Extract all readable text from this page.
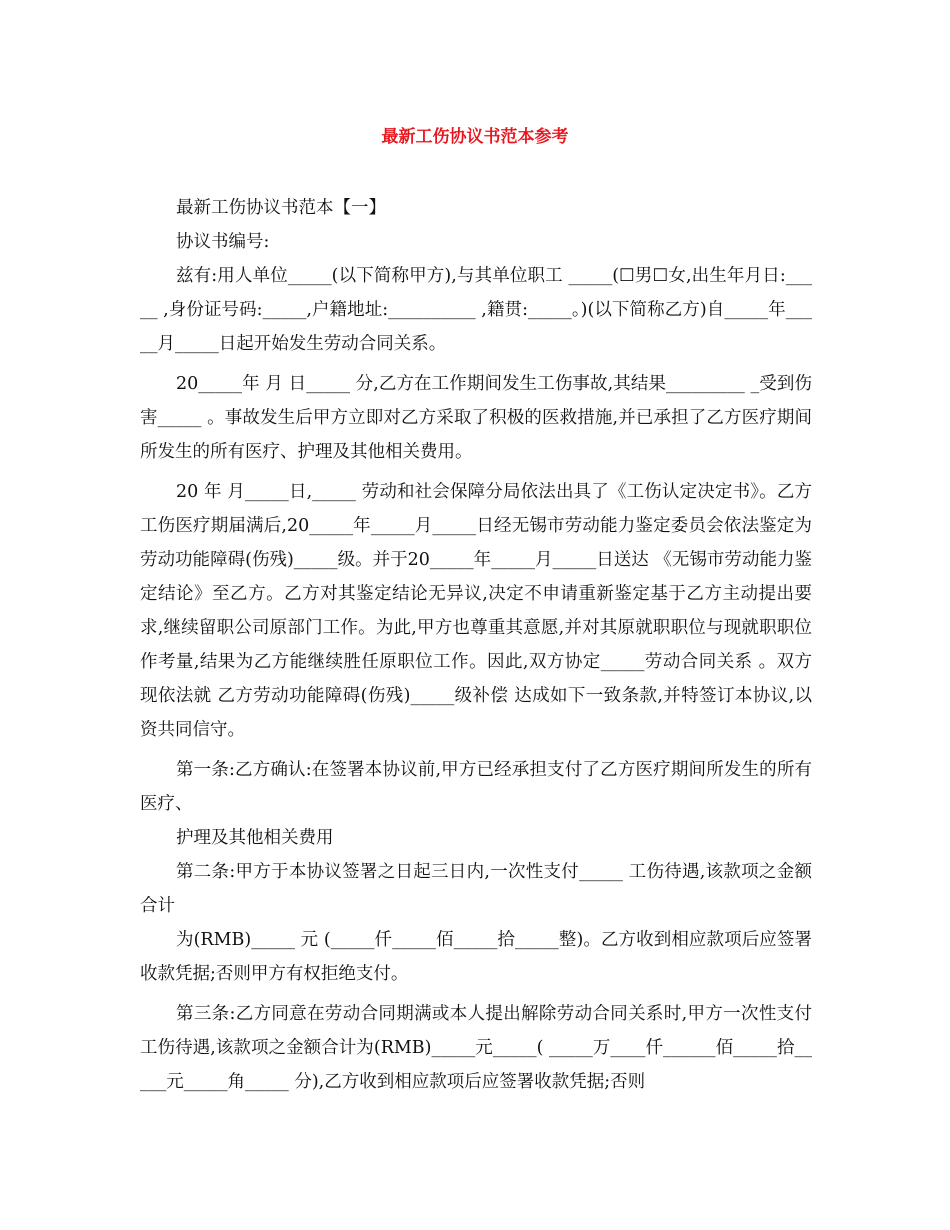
最新工伤协议书范本参考

最新工伤协议书范本【一】

协议书编号:

兹有:用人单位_____(以下简称甲方),与其单位职工 _____(☐男☐女,出生年月日:_____ ,身份证号码:_____,户籍地址:__________ ,籍贯:_____。)(以下简称乙方)自_____年_____月_____日起开始发生劳动合同关系。

20_____年 月 日_____ 分,乙方在工作期间发生工伤事故,其结果_________ _受到伤害_____ 。事故发生后甲方立即对乙方采取了积极的医救措施,并已承担了乙方医疗期间所发生的所有医疗、护理及其他相关费用。

20 年 月_____日,_____ 劳动和社会保障分局依法出具了《工伤认定决定书》。乙方工伤医疗期届满后,20_____年_____月_____日经无锡市劳动能力鉴定委员会依法鉴定为 劳动功能障碍(伤残)_____级。并于20_____年_____月_____日送达 《无锡市劳动能力鉴定结论》至乙方。乙方对其鉴定结论无异议,决定不申请重新鉴定基于乙方主动提出要求,继续留职公司原部门工作。为此,甲方也尊重其意愿,并对其原就职职位与现就职职位作考量,结果为乙方能继续胜任原职位工作。因此,双方协定_____劳动合同关系 。双方现依法就 乙方劳动功能障碍(伤残)_____级补偿 达成如下一致条款,并特签订本协议,以资共同信守。

第一条:乙方确认:在签署本协议前,甲方已经承担支付了乙方医疗期间所发生的所有医疗、

护理及其他相关费用

第二条:甲方于本协议签署之日起三日内,一次性支付_____ 工伤待遇,该款项之金额合计

为(RMB)_____ 元 (_____仟_____佰_____拾_____整)。乙方收到相应款项后应签署收款凭据;否则甲方有权拒绝支付。

第三条:乙方同意在劳动合同期满或本人提出解除劳动合同关系时,甲方一次性支付工伤待遇,该款项之金额合计为(RMB)_____元_____( _____万____仟______佰_____拾_____元_____角_____ 分),乙方收到相应款项后应签署收款凭据;否则
